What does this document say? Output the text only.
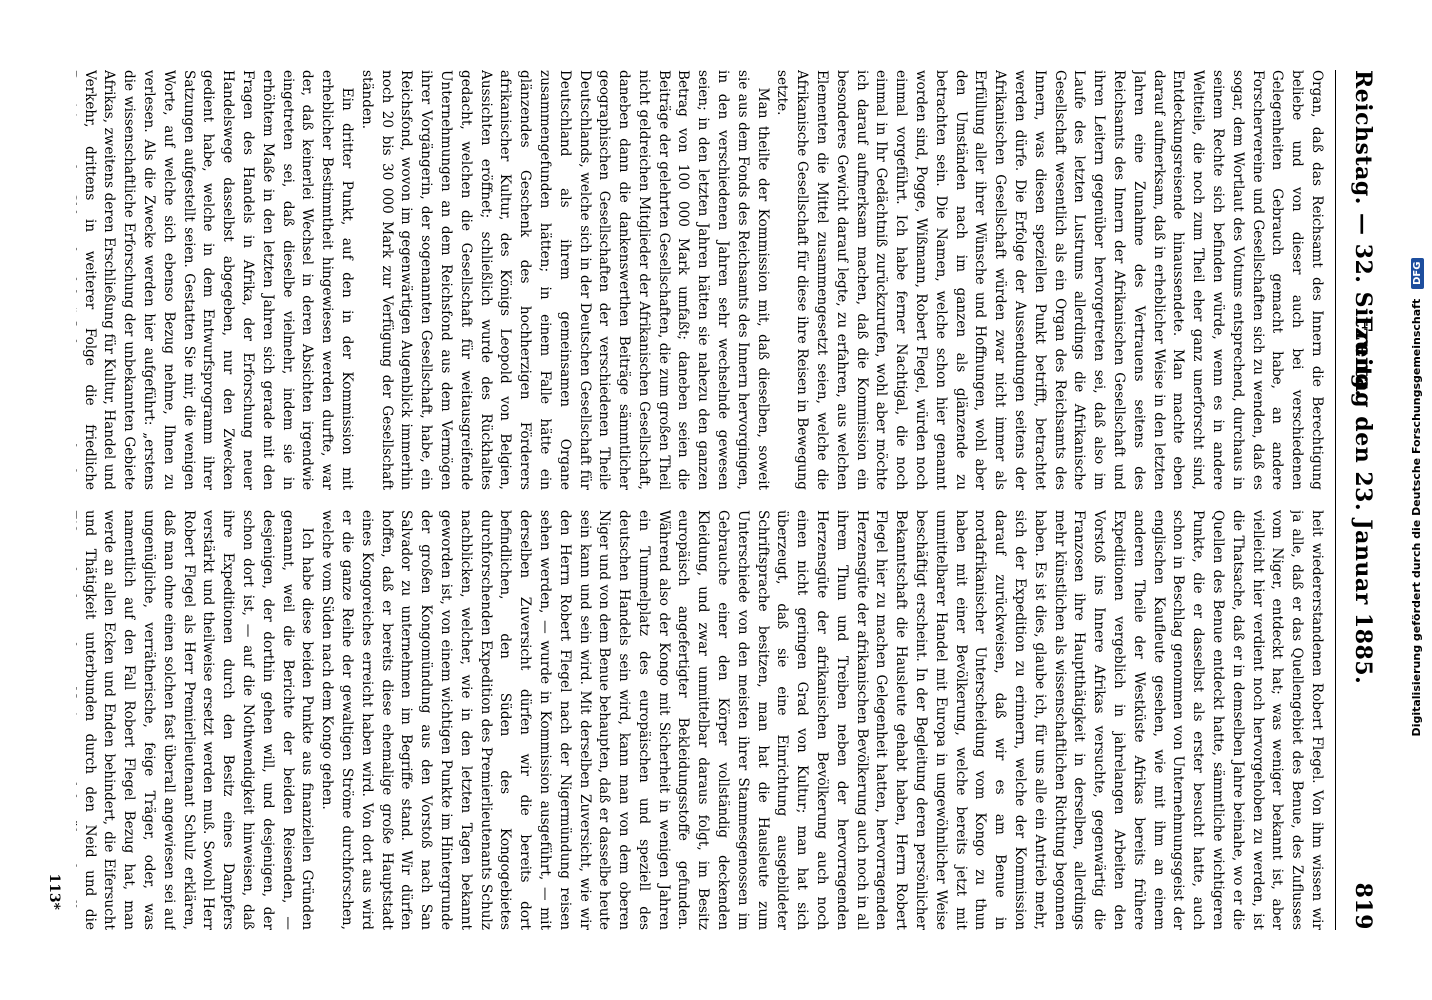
Reichstag. — 32. Sitzung.
Freitag den 23. Januar 1885.
819

Organ, daß das Reichsamt des Innern die Berechtigung beliebe und von dieser auch bei verschiedenen Gelegenheiten Gebrauch gemacht habe, an andere Forschervereine und Gesellschaften sich zu wenden, daß es sogar, dem Wortlaut des Votums entsprechend, durchaus in seinem Rechte sich befinden würde, wenn es in andere Weltteile, die noch zum Theil eher ganz unerforscht sind, Entdeckungsreisende hinaussendete. Man machte eben darauf aufmerksam, daß in erheblicher Weise in den letzten Jahren eine Zunahme des Vertrauens seitens des Reichsamts des Innern der Afrikanischen Gesellschaft und ihren Leitern gegenüber hervorgetreten sei, daß also im Laufe des letzten Lustrums allerdings die Afrikanische Gesellschaft wesentlich als ein Organ des Reichsamts des Innern, was diesen speziellen Punkt betrifft, betrachtet werden dürfe. Die Erfolge der Aussendungen seitens der Afrikanischen Gesellschaft würden zwar nicht immer als Erfüllung aller ihrer Wünsche und Hoffnungen, wohl aber den Umständen nach im ganzen als glänzende zu betrachten sein. Die Namen, welche schon hier genannt worden sind, Pogge, Wißmann, Robert Flegel, würden noch einmal vorgeführt. Ich habe ferner Nachtigal, die noch einmal in Ihr Gedächtniß zurückzurufen, wohl aber möchte ich darauf aufmerksam machen, daß die Kommission ein besonderes Gewicht darauf legte, zu erfahren, aus welchen Elementen die Mittel zusammengesetzt seien, welche die Afrikanische Gesellschaft für diese ihre Reisen in Bewegung setzte.

Man theilte der Kommission mit, daß dieselben, soweit sie aus dem Fonds des Reichsamts des Innern hervorgingen, in den verschiedenen Jahren sehr wechselnde gewesen seien; in den letzten Jahren hätten sie nahezu den ganzen Betrag von 100 000 Mark umfaßt; daneben seien die Beiträge der gelehrten Gesellschaften, die zum großen Theil nicht geldreichen Mitglieder der Afrikanischen Gesellschaft, daneben dann die dankenswerthen Beiträge sämmtlicher geographischen Gesellschaften der verschiedenen Theile Deutschlands, welche sich in der Deutschen Gesellschaft für Deutschland als ihrem gemeinsamen Organe zusammengefunden hätten; in einem Falle hätte ein glänzendes Geschenk des hochherzigen Förderers afrikanischer Kultur, des Königs Leopold von Belgien, Aussichten eröffnet; schließlich wurde des Rückhaltes gedacht, welchen die Gesellschaft für weitausgreifende Unternehmungen an dem Reichsfond aus dem Vermögen ihrer Vorgängerin, der sogenannten Gesellschaft, habe, ein Reichsfond, wovon im gegenwärtigen Augenblick immerhin noch 20 bis 30 000 Mark zur Verfügung der Gesellschaft ständen.

Ein dritter Punkt, auf den in der Kommission mit erheblicher Bestimmtheit hingewiesen werden durfte, war der, daß keinerlei Wechsel in deren Absichten irgendwie eingetreten sei, daß dieselbe vielmehr, indem sie in erhöhtem Maße in den letzten Jahren sich gerade mit den Fragen des Handels in Afrika, der Erforschung neuer Handelswege dasselbst abgegeben, nur den Zwecken gedient habe, welche in dem Entwurfsprogramm ihrer Satzungen aufgestellt seien. Gestatten Sie mir, die wenigen Worte, auf welche sich ebenso Bezug nehme, Ihnen zu verlesen. Als die Zwecke werden hier aufgeführt: „erstens die wissenschaftliche Erforschung der unbekannten Gebiete Afrikas, zweitens deren Erschließung für Kultur, Handel und Verkehr, drittens in weiterer Folge die friedliche

heit wiedererstandenen Robert Flegel. Von ihm wissen wir ja alle, daß er das Quellengebiet des Benue, des Zuflusses vom Niger, entdeckt hat; was weniger bekannt ist, aber vielleicht hier verdient noch hervorgehoben zu werden, ist die Thatsache, daß er in demselben Jahre beinahe, wo er die Quellen des Benue entdeckt hatte, sämmtliche wichtigeren Punkte, die er dasselbst als erster besucht hatte, auch schon in Beschlag genommen von Unternehmungsgeist der englischen Kaufleute gesehen, wie mit ihm an einem anderen Theile der Westküste Afrikas bereits frühere Expeditionen vergeblich in jahrelangen Arbeiten den Vorstoß ins Innere Afrikas versuchte, gegenwärtig die Franzosen ihre Hauptthätigkeit in derselben, allerdings mehr künstlichen als wissenschaftlichen Richtung begonnen haben. Es ist dies, glaube ich, für uns alle ein Antrieb mehr, sich der Expedition zu erinnern, welche der Kommission darauf zurückweisen, daß wir es am Benue in nordafrikanischer Unterscheidung vom Kongo zu thun haben mit einer Bevölkerung, welche bereits jetzt mit unmittelbarer Handel mit Europa in ungewöhnlicher Weise beschäftigt erscheint. In der Begleitung deren persönlicher Bekanntschaft die Hausleute gehabt haben, Herrn Robert Flegel hier zu machen Gelegenheit hatten, hervorragenden Herzensgüte der afrikanischen Bevölkerung auch noch in all ihrem Thun und Treiben neben der hervorragenden Herzensgüte der afrikanischen Bevölkerung auch noch einen nicht geringen Grad von Kultur; man hat sich überzeugt, daß sie eine Einrichtung ausgebildeter Schriftsprache besitzen, man hat die Hausleute zum Unterschiede von den meisten ihrer Stammesgenossen im Gebrauche einer den Körper vollständig deckenden Kleidung, und zwar unmittelbar daraus folgt, im Besitz europäisch angefertigter Bekleidungsstoffe gefunden. Während also der Kongo mit Sicherheit in wenigen Jahren ein Tummelplatz des europäischen und speziell des deutschen Handels sein wird, kann man von dem oberen Niger und von dem Benue behaupten, daß er dasselbe heute sein kann und sein wird. Mit derselben Zuversicht, wie wir den Herrn Robert Flegel nach der Nigermündung reisen sehen werden, — wurde in Kommission ausgeführt, — mit derselben Zuversicht dürfen wir die bereits dort befindlichen, den Süden des Kongogebietes durchforschenden Expedition des Premierlieutenants Schulz nachblicken, welcher, wie in den letzten Tagen bekannt geworden ist, von einem wichtigen Punkte im Hintergrunde der großen Kongomündung aus den Vorstoß nach San Salvador zu unternehmen im Begriffe stand. Wir dürfen hoffen, daß er bereits diese ehemalige große Hauptstadt eines Kongoreiches erreicht haben wird. Von dort aus wird er die ganze Reihe der gewaltigen Ströme durchforschen, welche vom Süden nach dem Kongo gehen.

Ich habe diese beiden Punkte aus finanziellen Gründen genannt, weil die Berichte der beiden Reisenden, — desjenigen, der dorthin gehen will, und desjenigen, der schon dort ist, — auf die Nothwendigkeit hinweisen, daß ihre Expeditionen durch den Besitz eines Dampfers verstärkt und theilweise ersetzt werden muß. Sowohl Herr Robert Flegel als Herr Premierlieutenant Schulz erklären, daß man ohne einen solchen fast überall angewiesen sei auf ungenügliche, verrätherische, feige Träger, oder, was namentlich auf den Fall Robert Flegel Bezug hat, man werde an allen Ecken und Enden behindert, die Eifersucht und Thätigkeit unterbunden durch den Neid und die

113*
Digitalisierung gefördert durch die Deutsche Forschungsgemeinschaft DFG
